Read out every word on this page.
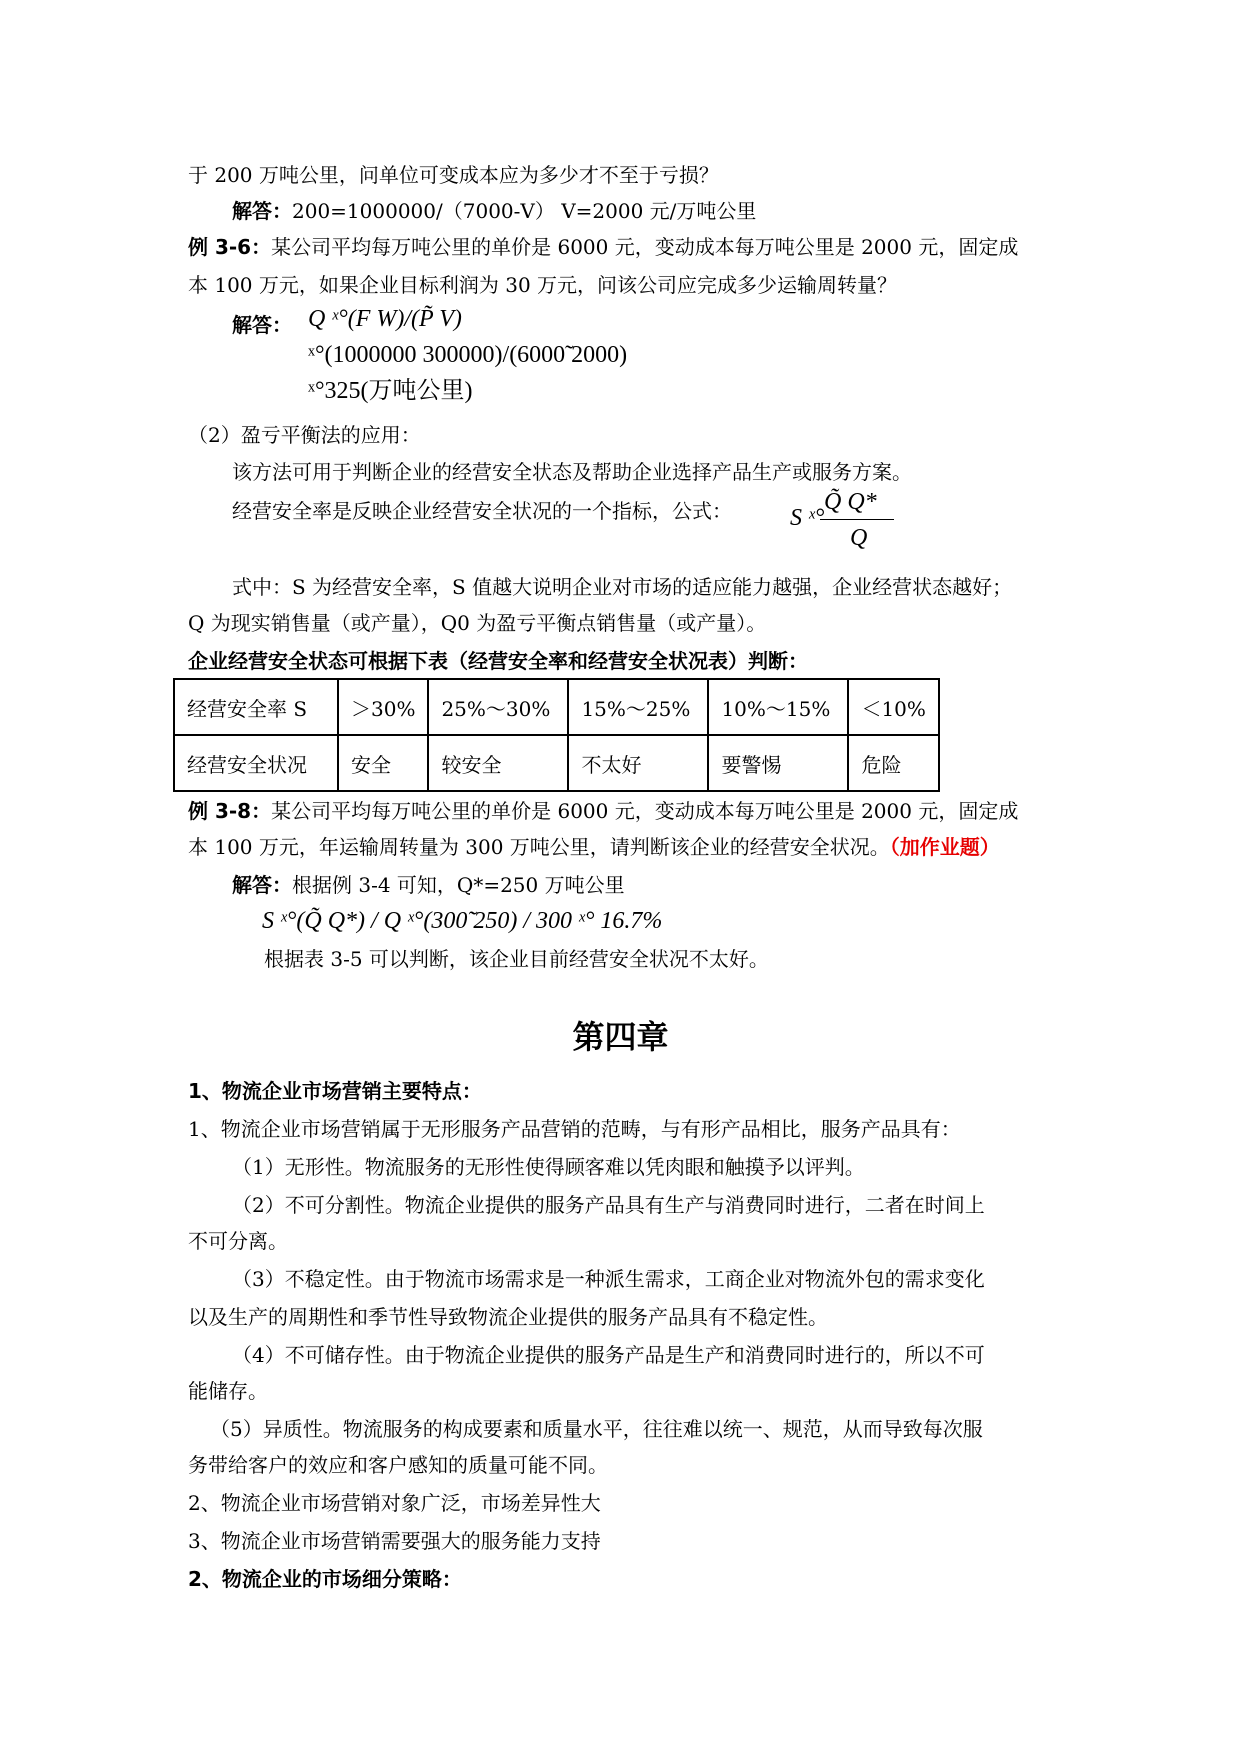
于 200 万吨公里，问单位可变成本应为多少才不至于亏损？
解答：200=1000000/（7000-V） V=2000 元/万吨公里
例 3-6：某公司平均每万吨公里的单价是 6000 元，变动成本每万吨公里是 2000 元，固定成
本 100 万元，如果企业目标利润为 30 万元，问该公司应完成多少运输周转量？
解答： Q ˣ°(F W)/(P̃ V)
ˣ°(1000000 300000)/(6000̃ 2000)
ˣ°325(万吨公里)
（2）盈亏平衡法的应用：
该方法可用于判断企业的经营安全状态及帮助企业选择产品生产或服务方案。
经营安全率是反映企业经营安全状况的一个指标，公式： S ˣ°
Q̃ Q*
Q
式中：S 为经营安全率，S 值越大说明企业对市场的适应能力越强，企业经营状态越好；
Q 为现实销售量（或产量），Q0 为盈亏平衡点销售量（或产量）。
企业经营安全状态可根据下表（经营安全率和经营安全状况表）判断：
经营安全率 S	＞30%	25%～30%	15%～25%	10%～15%	＜10%
经营安全状况	安全	较安全	不太好	要警惕	危险
例 3-8：某公司平均每万吨公里的单价是 6000 元，变动成本每万吨公里是 2000 元，固定成
本 100 万元，年运输周转量为 300 万吨公里，请判断该企业的经营安全状况。（加作业题）
解答：根据例 3-4 可知，Q*=250 万吨公里
S ˣ°(Q̃ Q*) / Q ˣ°(300̃ 250) / 300 ˣ° 16.7%
根据表 3-5 可以判断，该企业目前经营安全状况不太好。
第四章
1、物流企业市场营销主要特点：
1、物流企业市场营销属于无形服务产品营销的范畴，与有形产品相比，服务产品具有：
（1）无形性。物流服务的无形性使得顾客难以凭肉眼和触摸予以评判。
（2）不可分割性。物流企业提供的服务产品具有生产与消费同时进行，二者在时间上
不可分离。
（3）不稳定性。由于物流市场需求是一种派生需求，工商企业对物流外包的需求变化
以及生产的周期性和季节性导致物流企业提供的服务产品具有不稳定性。
（4）不可储存性。由于物流企业提供的服务产品是生产和消费同时进行的，所以不可
能储存。
（5）异质性。物流服务的构成要素和质量水平，往往难以统一、规范，从而导致每次服
务带给客户的效应和客户感知的质量可能不同。
2、物流企业市场营销对象广泛，市场差异性大
3、物流企业市场营销需要强大的服务能力支持
2、物流企业的市场细分策略：
